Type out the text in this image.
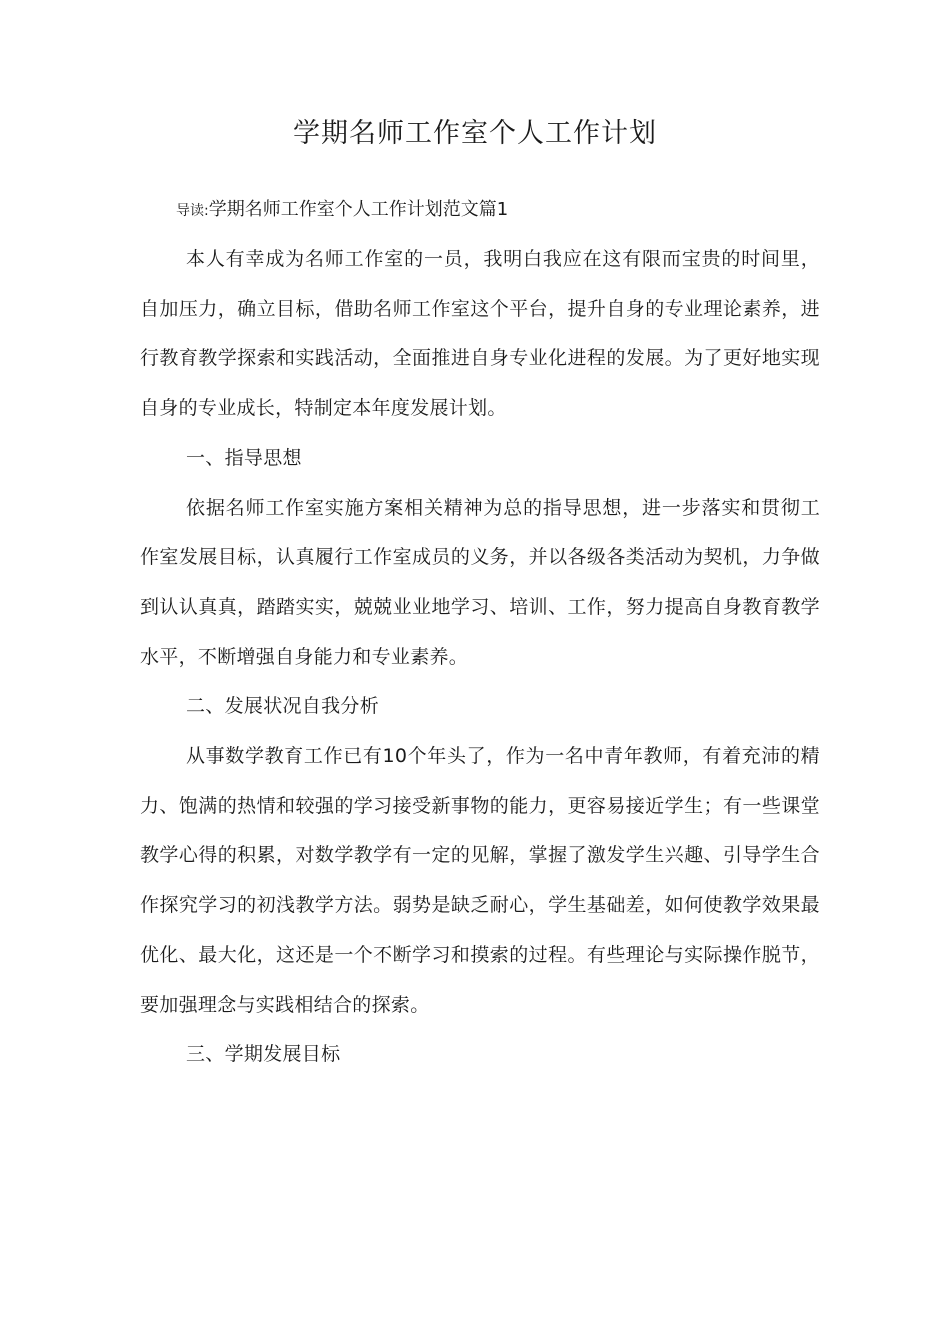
学期名师工作室个人工作计划
导读:学期名师工作室个人工作计划范文篇1

本人有幸成为名师工作室的一员，我明白我应在这有限而宝贵的时间里，自加压力，确立目标，借助名师工作室这个平台，提升自身的专业理论素养，进行教育教学探索和实践活动，全面推进自身专业化进程的发展。为了更好地实现自身的专业成长，特制定本年度发展计划。

一、指导思想

依据名师工作室实施方案相关精神为总的指导思想，进一步落实和贯彻工作室发展目标，认真履行工作室成员的义务，并以各级各类活动为契机，力争做到认认真真，踏踏实实，兢兢业业地学习、培训、工作，努力提高自身教育教学水平，不断增强自身能力和专业素养。

二、发展状况自我分析

从事数学教育工作已有10个年头了，作为一名中青年教师，有着充沛的精力、饱满的热情和较强的学习接受新事物的能力，更容易接近学生；有一些课堂教学心得的积累，对数学教学有一定的见解，掌握了激发学生兴趣、引导学生合作探究学习的初浅教学方法。弱势是缺乏耐心，学生基础差，如何使教学效果最优化、最大化，这还是一个不断学习和摸索的过程。有些理论与实际操作脱节，要加强理念与实践相结合的探索。

三、学期发展目标
